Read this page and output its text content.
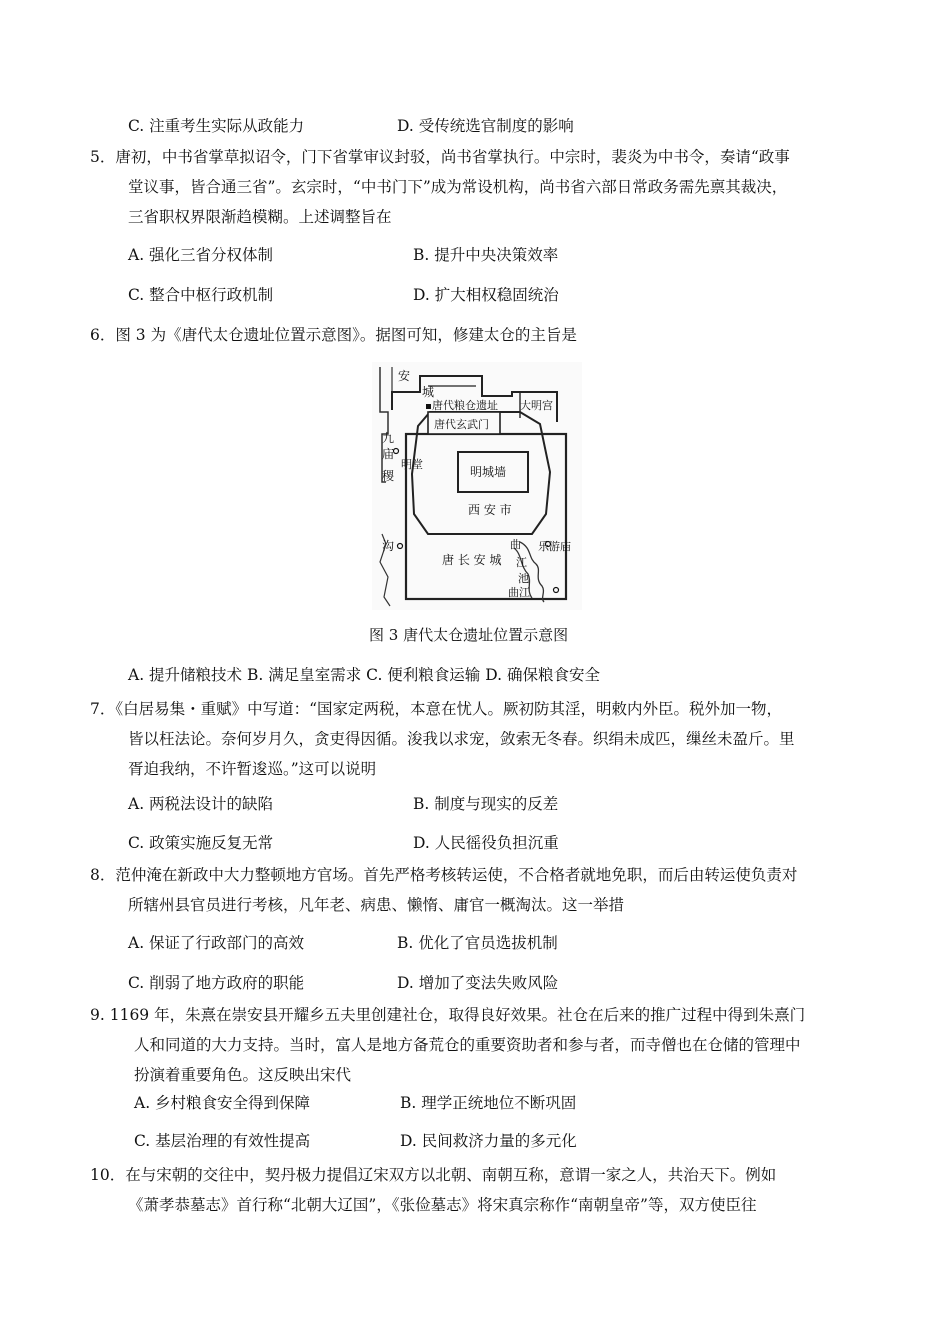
C. 注重考生实际从政能力	D. 受传统选官制度的影响
5．唐初，中书省掌草拟诏令，门下省掌审议封驳，尚书省掌执行。中宗时，裴炎为中书令，奏请“政事
堂议事，皆合通三省”。玄宗时，“中书门下”成为常设机构，尚书省六部日常政务需先禀其裁决，
三省职权界限渐趋模糊。上述调整旨在
A. 强化三省分权体制	B. 提升中央决策效率
C. 整合中枢行政机制	D. 扩大相权稳固统治
6．图 3 为《唐代太仓遗址位置示意图》。据图可知，修建太仓的主旨是
安
城
唐代粮仓遗址 大明宫
唐代玄武门
九
庙
明堂
稷	明城墙
西 安 市
沟
唐 长 安 城
曲
江
池
乐游庙
曲江
图 3 唐代太仓遗址位置示意图
A. 提升储粮技术 B. 满足皇室需求 C. 便利粮食运输 D. 确保粮食安全
7．《白居易集・重赋》中写道：“国家定两税，本意在忧人。厥初防其淫，明敕内外臣。税外加一物，
皆以枉法论。奈何岁月久，贪吏得因循。浚我以求宠，敛索无冬春。织绢未成匹，缫丝未盈斤。里
胥迫我纳，不许暂逡巡。”这可以说明
A. 两税法设计的缺陷	B. 制度与现实的反差
C. 政策实施反复无常	D. 人民徭役负担沉重
8．范仲淹在新政中大力整顿地方官场。首先严格考核转运使，不合格者就地免职，而后由转运使负责对
所辖州县官员进行考核，凡年老、病患、懒惰、庸官一概淘汰。这一举措
A. 保证了行政部门的高效	B. 优化了官员选拔机制
C. 削弱了地方政府的职能	D. 增加了变法失败风险
9. 1169 年，朱熹在崇安县开耀乡五夫里创建社仓，取得良好效果。社仓在后来的推广过程中得到朱熹门
人和同道的大力支持。当时，富人是地方备荒仓的重要资助者和参与者，而寺僧也在仓储的管理中
扮演着重要角色。这反映出宋代
A. 乡村粮食安全得到保障	B. 理学正统地位不断巩固
C. 基层治理的有效性提高	D. 民间救济力量的多元化
10．在与宋朝的交往中，契丹极力提倡辽宋双方以北朝、南朝互称，意谓一家之人，共治天下。例如
《萧孝恭墓志》首行称“北朝大辽国”，《张俭墓志》将宋真宗称作“南朝皇帝”等，双方使臣往
